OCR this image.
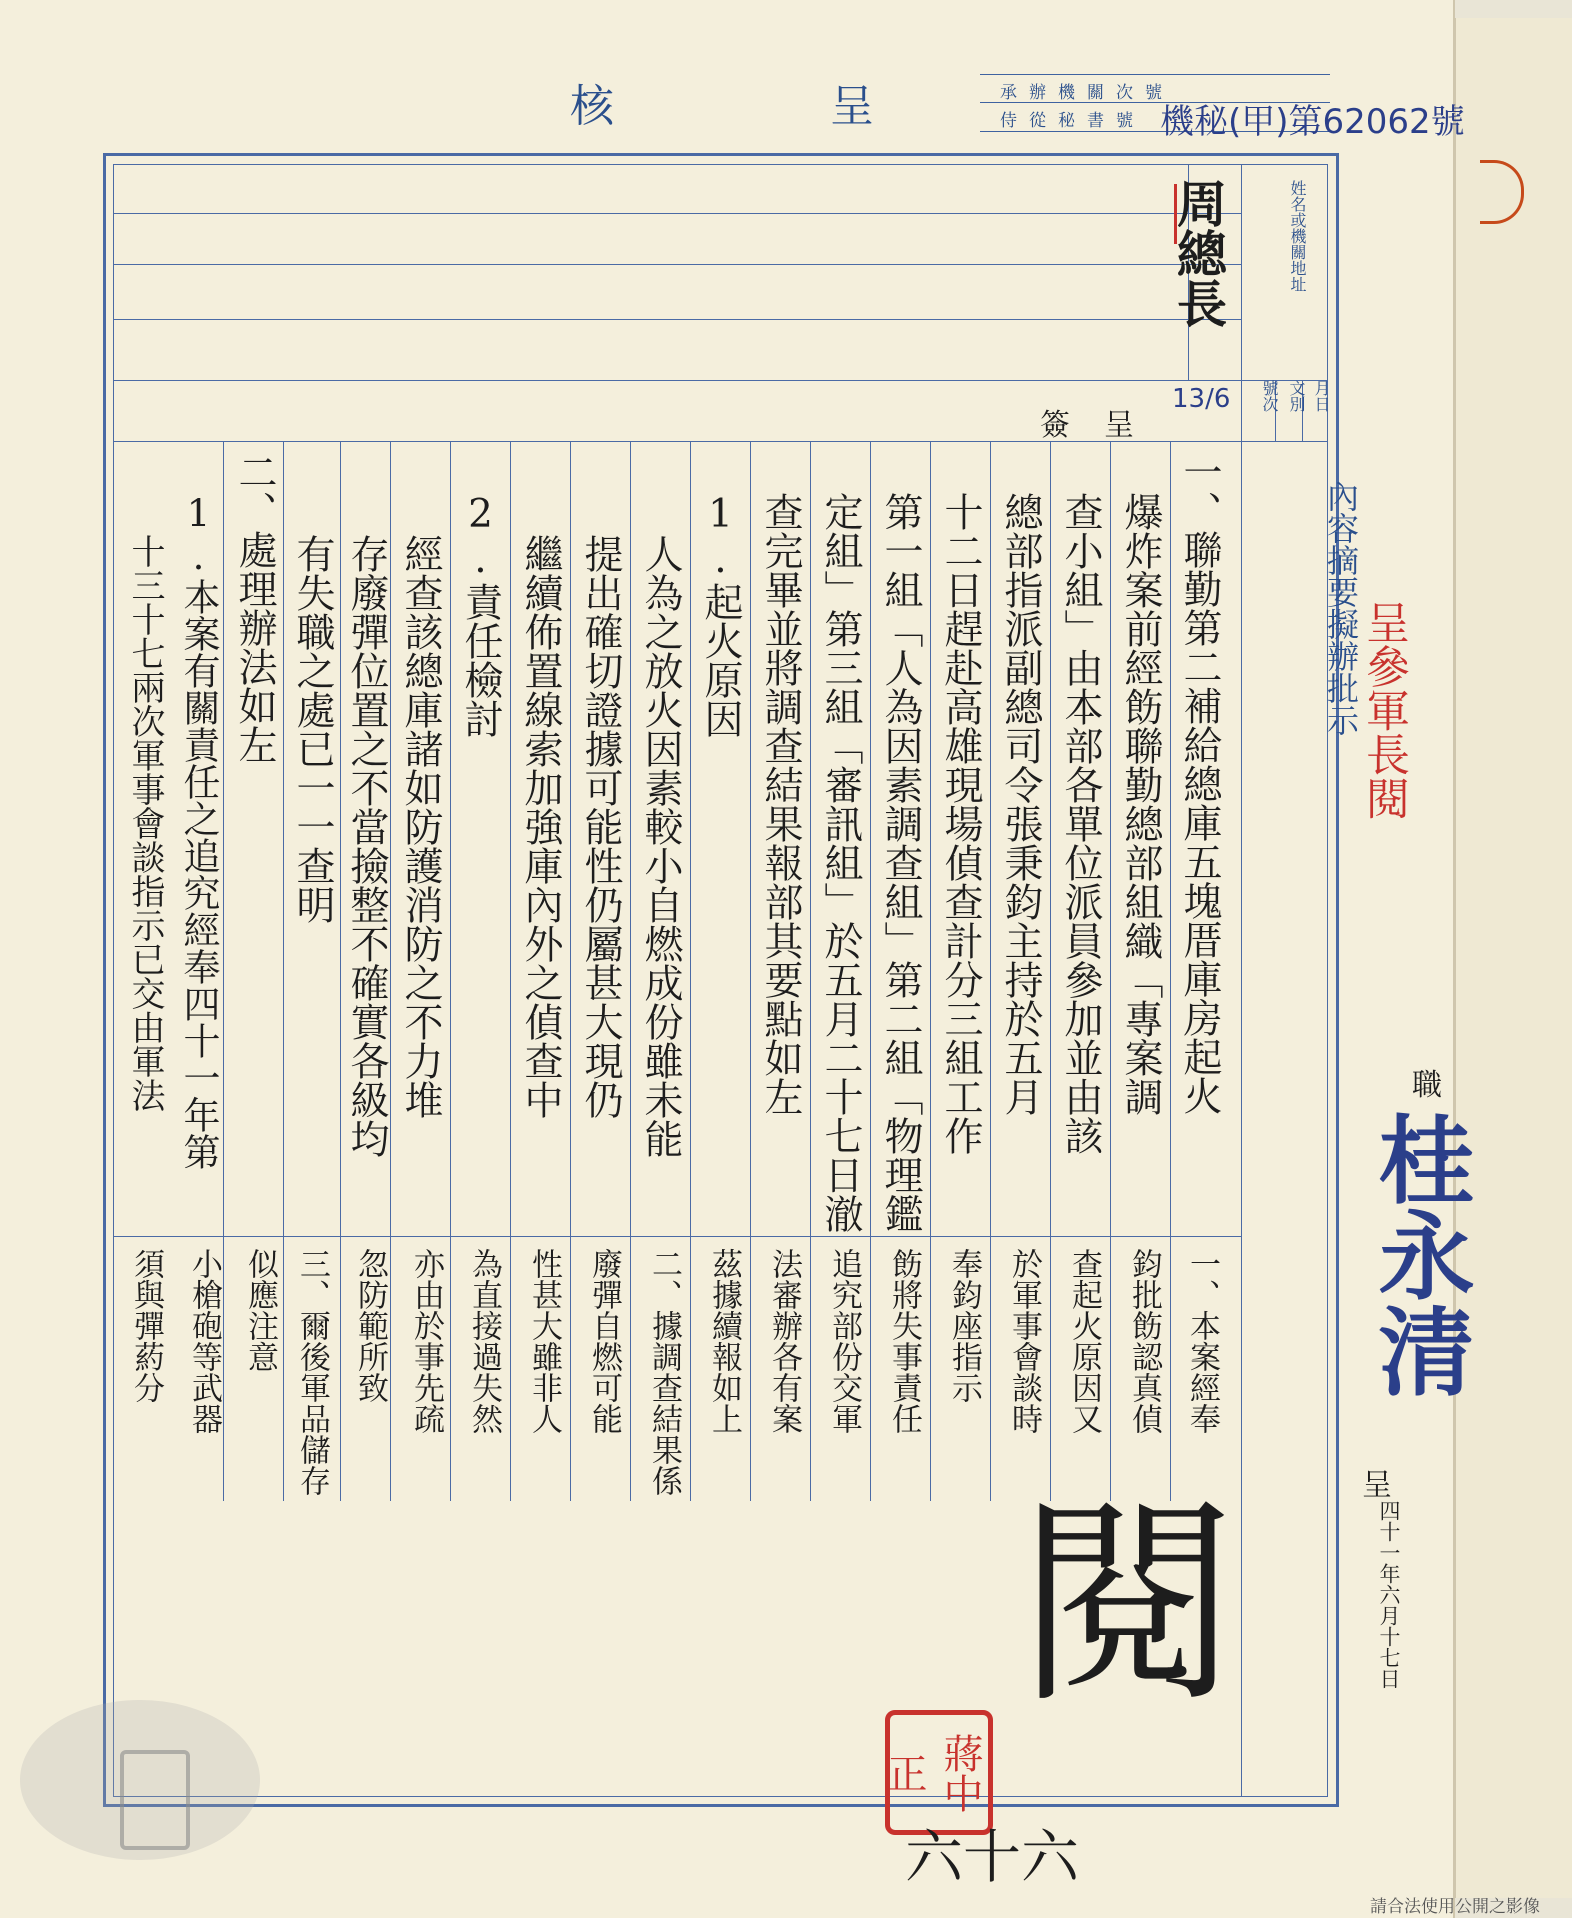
核	呈	承辦機關次號
侍從秘書號 機秘(甲)第62062號
姓名或機關地址
月日
文別
號次
周總長
簽呈
13/6
內容摘要擬辦批示
一、聯勤第二補給總庫五塊厝庫房起火
爆炸案前經飭聯勤總部組織「專案調
查小組」由本部各單位派員參加並由該
總部指派副總司令張秉鈞主持於五月
十二日趕赴高雄現場偵查計分三組工作
第一組「人為因素調查組」第二組「物理鑑
定組」第三組「審訊組」於五月二十七日澈
查完畢並將調查結果報部其要點如左
1.起火原因
人為之放火因素較小自燃成份雖未能
提出確切證據可能性仍屬甚大現仍
繼續佈置線索加強庫內外之偵查中
2.責任檢討
經查該總庫諸如防護消防之不力堆
存廢彈位置之不當撿整不確實各級均
有失職之處已一一查明
二、處理辦法如左
1.本案有關責任之追究經奉四十一年第
十三十七兩次軍事會談指示已交由軍法
一、本案經奉
鈞批飭認真偵
查起火原因又
於軍事會談時
奉鈞座指示
飭將失事責任
追究部份交軍
法審辦各有案
茲據續報如上
二、據調查結果係
廢彈自燃可能
性甚大雖非人
為直接過失然
亦由於事先疏
忽防範所致
三、爾後軍品儲存
似應注意
小槍砲等武器
須與彈葯分
呈參軍長閱
蔣中正
閱
六十六
職
桂永清
呈
四十一年六月十七日
請合法使用公開之影像
